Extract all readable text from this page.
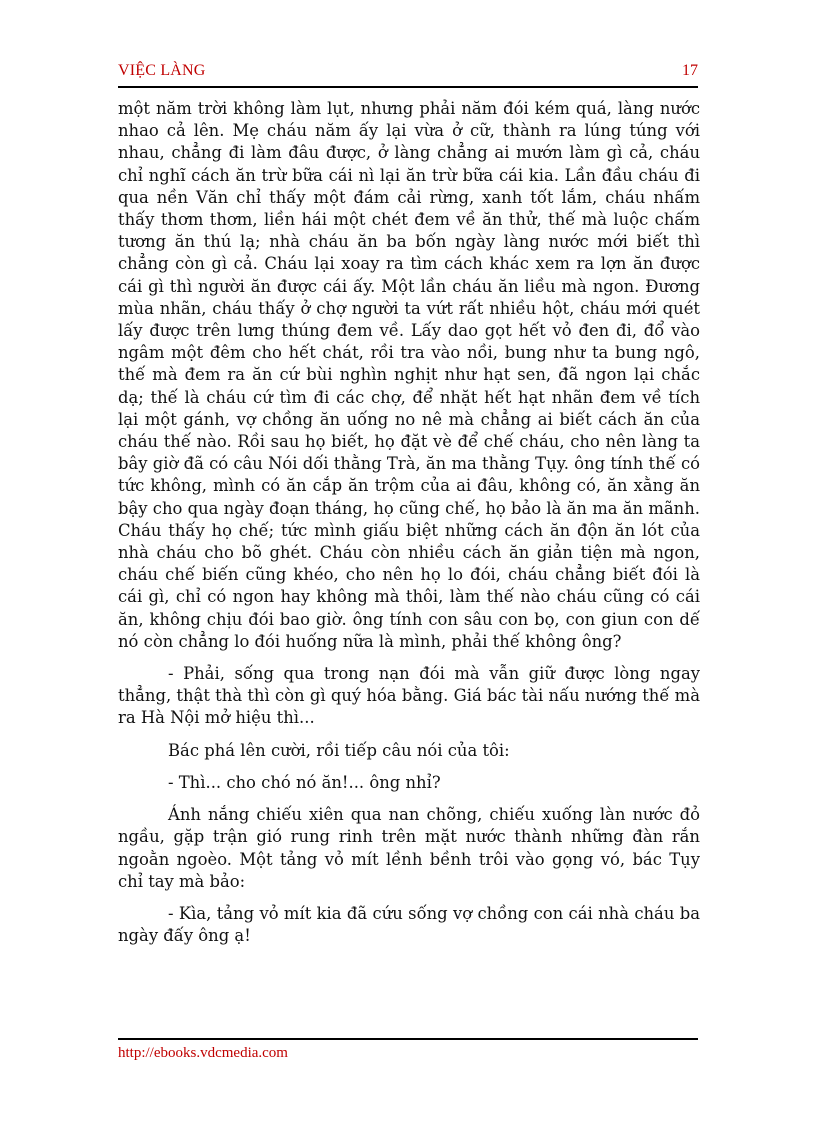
VIỆC LÀNG	17

một năm trời không làm lụt, nhưng phải năm đói kém quá, làng nước nhao cả lên. Mẹ cháu năm ấy lại vừa ở cữ, thành ra lúng túng với nhau, chẳng đi làm đâu được, ở làng chẳng ai mướn làm gì cả, cháu chỉ nghĩ cách ăn trừ bữa cái nì lại ăn trừ bữa cái kia. Lần đầu cháu đi qua nền Văn chỉ thấy một đám cải rừng, xanh tốt lắm, cháu nhấm thấy thơm thơm, liền hái một chét đem về ăn thử, thế mà luộc chấm tương ăn thú lạ; nhà cháu ăn ba bốn ngày làng nước mới biết thì chẳng còn gì cả. Cháu lại xoay ra tìm cách khác xem ra lợn ăn được cái gì thì người ăn được cái ấy. Một lần cháu ăn liều mà ngon. Đương mùa nhãn, cháu thấy ở chợ người ta vứt rất nhiều hột, cháu mới quét lấy được trên lưng thúng đem về. Lấy dao gọt hết vỏ đen đi, đổ vào ngâm một đêm cho hết chát, rồi tra vào nồi, bung như ta bung ngô, thế mà đem ra ăn cứ bùi nghìn nghịt như hạt sen, đã ngon lại chắc dạ; thế là cháu cứ tìm đi các chợ, để nhặt hết hạt nhãn đem về tích lại một gánh, vợ chồng ăn uống no nê mà chẳng ai biết cách ăn của cháu thế nào. Rồi sau họ biết, họ đặt vè để chế cháu, cho nên làng ta bây giờ đã có câu Nói dối thằng Trà, ăn ma thằng Tụy. ông tính thế có tức không, mình có ăn cắp ăn trộm của ai đâu, không có, ăn xằng ăn bậy cho qua ngày đoạn tháng, họ cũng chế, họ bảo là ăn ma ăn mãnh. Cháu thấy họ chế; tức mình giấu biệt những cách ăn độn ăn lót của nhà cháu cho bõ ghét. Cháu còn nhiều cách ăn giản tiện mà ngon, cháu chế biến cũng khéo, cho nên họ lo đói, cháu chẳng biết đói là cái gì, chỉ có ngon hay không mà thôi, làm thế nào cháu cũng có cái ăn, không chịu đói bao giờ. ông tính con sâu con bọ, con giun con dế nó còn chẳng lo đói huống nữa là mình, phải thế không ông?

- Phải, sống qua trong nạn đói mà vẫn giữ được lòng ngay thẳng, thật thà thì còn gì quý hóa bằng. Giá bác tài nấu nướng thế mà ra Hà Nội mở hiệu thì...

Bác phá lên cười, rồi tiếp câu nói của tôi:

- Thì... cho chó nó ăn!... ông nhỉ?

Ánh nắng chiếu xiên qua nan chõng, chiếu xuống làn nước đỏ ngầu, gặp trận gió rung rinh trên mặt nước thành những đàn rắn ngoằn ngoèo. Một tảng vỏ mít lềnh bềnh trôi vào gọng vó, bác Tụy chỉ tay mà bảo:

- Kìa, tảng vỏ mít kia đã cứu sống vợ chồng con cái nhà cháu ba ngày đấy ông ạ!

http://ebooks.vdcmedia.com
